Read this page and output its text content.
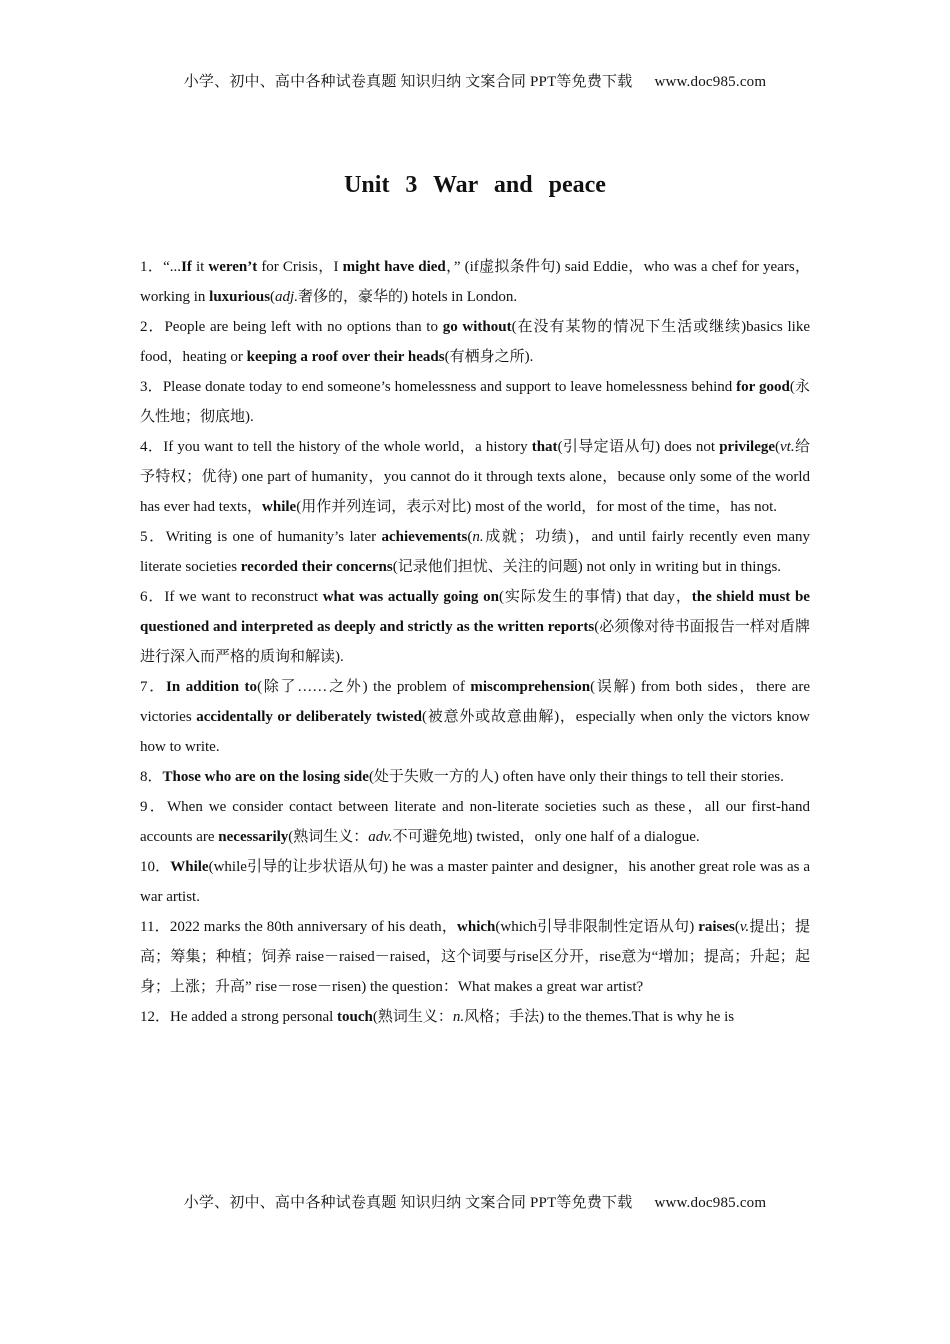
小学、初中、高中各种试卷真题 知识归纳 文案合同 PPT等免费下载 www.doc985.com
Unit 3 War and peace

1．“...If it weren’t for Crisis，I might have died，” (if虚拟条件句) said Eddie，who was a chef for years，working in luxurious(adj.奢侈的，豪华的) hotels in London.

2．People are being left with no options than to go without(在没有某物的情况下生活或继续)basics like food，heating or keeping a roof over their heads(有栖身之所).

3．Please donate today to end someone’s homelessness and support to leave homelessness behind for good(永久性地；彻底地).

4．If you want to tell the history of the whole world，a history that(引导定语从句) does not privilege(vt.给予特权；优待) one part of humanity，you cannot do it through texts alone，because only some of the world has ever had texts，while(用作并列连词，表示对比) most of the world，for most of the time，has not.

5．Writing is one of humanity’s later achievements(n.成就；功绩)，and until fairly recently even many literate societies recorded their concerns(记录他们担忧、关注的问题) not only in writing but in things.

6．If we want to reconstruct what was actually going on(实际发生的事情) that day，the shield must be questioned and interpreted as deeply and strictly as the written reports(必须像对待书面报告一样对盾牌进行深入而严格的质询和解读).

7．In addition to(除了……之外) the problem of miscomprehension(误解) from both sides，there are victories accidentally or deliberately twisted(被意外或故意曲解)，especially when only the victors know how to write.

8．Those who are on the losing side(处于失败一方的人) often have only their things to tell their stories.

9．When we consider contact between literate and non-literate societies such as these，all our first-hand accounts are necessarily(熟词生义：adv.不可避免地) twisted，only one half of a dialogue.

10．While(while引导的让步状语从句) he was a master painter and designer，his another great role was as a war artist.

11．2022 marks the 80th anniversary of his death，which(which引导非限制性定语从句) raises(v.提出；提高；筹集；种植；饲养 raise－raised－raised，这个词要与rise区分开，rise意为“增加；提高；升起；起身；上涨；升高” rise－rose－risen) the question：What makes a great war artist?

12．He added a strong personal touch(熟词生义：n.风格；手法) to the themes.That is why he is

小学、初中、高中各种试卷真题 知识归纳 文案合同 PPT等免费下载 www.doc985.com
